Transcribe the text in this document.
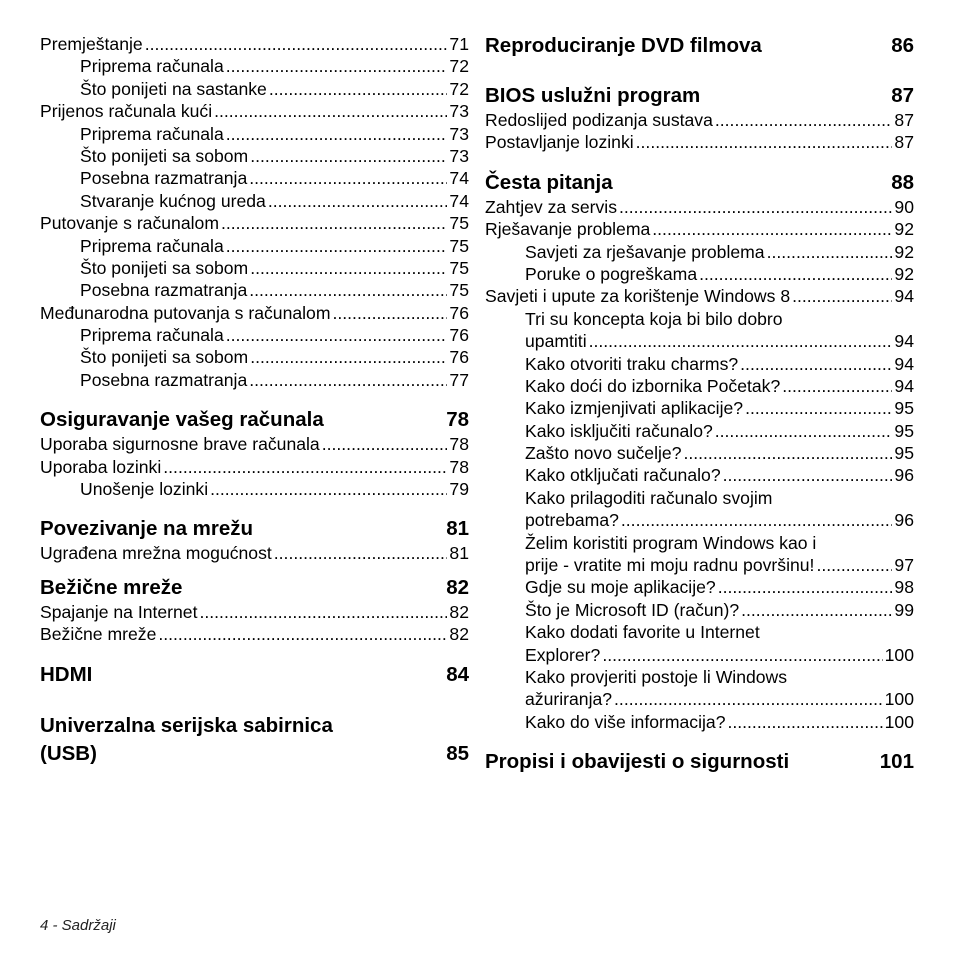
Premještanje .....	71
Priprema računala .....	72
Što ponijeti na sastanke .....	72
Prijenos računala kući .....	73
Priprema računala .....	73
Što ponijeti sa sobom .....	73
Posebna razmatranja .....	74
Stvaranje kućnog ureda .....	74
Putovanje s računalom .....	75
Priprema računala .....	75
Što ponijeti sa sobom .....	75
Posebna razmatranja .....	75
Međunarodna putovanja s računalom .....	76
Priprema računala .....	76
Što ponijeti sa sobom .....	76
Posebna razmatranja .....	77
Osiguravanje vašeg računala	78
Uporaba sigurnosne brave računala .....	78
Uporaba lozinki .....	78
Unošenje lozinki .....	79
Povezivanje na mrežu	81
Ugrađena mrežna mogućnost .....	81
Bežične mreže	82
Spajanje na Internet .....	82
Bežične mreže .....	82
HDMI	84
Univerzalna serijska sabirnica
(USB)	85
Reproduciranje DVD filmova	86
BIOS uslužni program	87
Redoslijed podizanja sustava .....	87
Postavljanje lozinki .....	87
Česta pitanja	88
Zahtjev za servis .....	90
Rješavanje problema .....	92
Savjeti za rješavanje problema .....	92
Poruke o pogreškama .....	92
Savjeti i upute za korištenje Windows 8 .....	94
Tri su koncepta koja bi bilo dobro
upamtiti .....	94
Kako otvoriti traku charms? .....	94
Kako doći do izbornika Početak? .....	94
Kako izmjenjivati aplikacije? .....	95
Kako isključiti računalo? .....	95
Zašto novo sučelje? .....	95
Kako otključati računalo? .....	96
Kako prilagoditi računalo svojim
potrebama? .....	96
Želim koristiti program Windows kao i
prije - vratite mi moju radnu površinu! .....	97
Gdje su moje aplikacije? .....	98
Što je Microsoft ID (račun)? .....	99
Kako dodati favorite u Internet
Explorer? .....	100
Kako provjeriti postoje li Windows
ažuriranja? .....	100
Kako do više informacija? .....	100
Propisi i obavijesti o sigurnosti	101
4 - Sadržaji
